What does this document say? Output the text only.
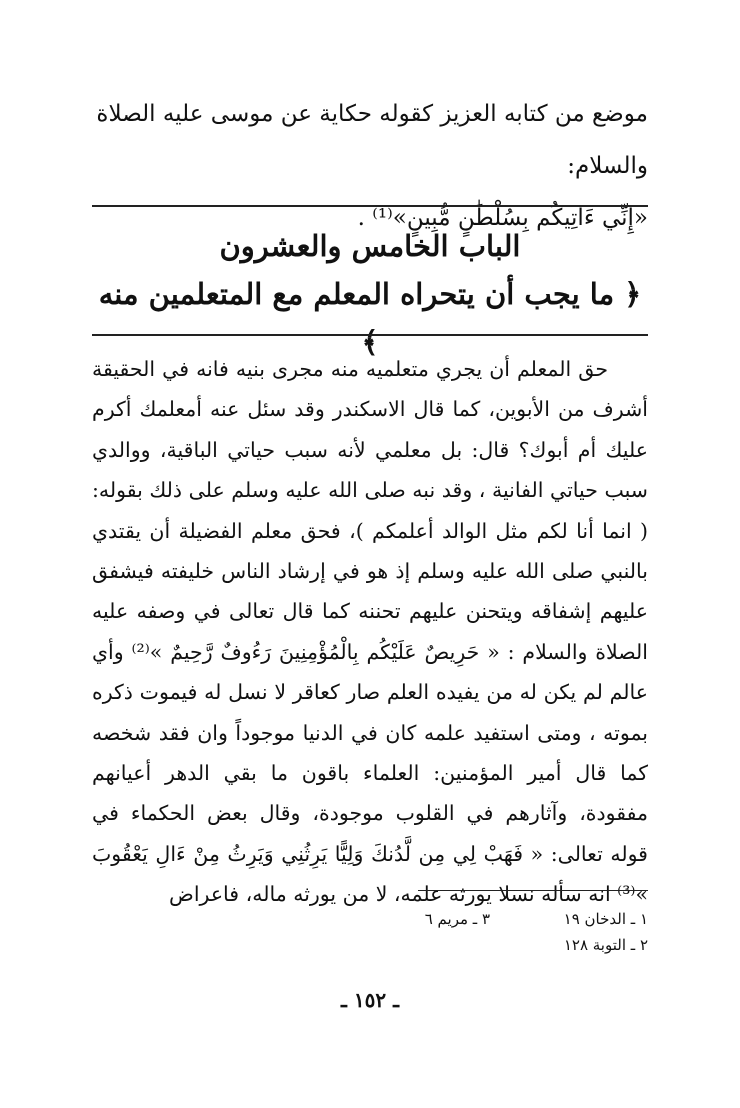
موضع من كتابه العزيز كقوله حكاية عن موسى عليه الصلاة والسلام:

«إِنِّي ءَاتِيكُم بِسُلْطَٰنٍ مُّبِينٍ»⁽¹⁾ .

الباب الخامس والعشرون
﴿ ما يجب أن يتحراه المعلم مع المتعلمين منه ﴾

حق المعلم أن يجري متعلميه منه مجرى بنيه فانه في الحقيقة أشرف من الأبوين، كما قال الاسكندر وقد سئل عنه أمعلمك أكرم عليك أم أبوك؟ قال: بل معلمي لأنه سبب حياتي الباقية، ووالدي سبب حياتي الفانية ، وقد نبه صلى الله عليه وسلم على ذلك بقوله: ( انما أنا لكم مثل الوالد أعلمكم )، فحق معلم الفضيلة أن يقتدي بالنبي صلى الله عليه وسلم إذ هو في إرشاد الناس خليفته فيشفق عليهم إشفاقه ويتحنن عليهم تحننه كما قال تعالى في وصفه عليه الصلاة والسلام : « حَرِيصٌ عَلَيْكُم بِالْمُؤْمِنِينَ رَءُوفٌ رَّحِيمٌ »⁽²⁾ وأي عالم لم يكن له من يفيده العلم صار كعاقر لا نسل له فيموت ذكره بموته ، ومتى استفيد علمه كان في الدنيا موجوداً وان فقد شخصه كما قال أمير المؤمنين: العلماء باقون ما بقي الدهر أعيانهم مفقودة، وآثارهم في القلوب موجودة، وقال بعض الحكماء في قوله تعالى: « فَهَبْ لِي مِن لَّدُنكَ وَلِيًّا يَرِثُنِي وَيَرِثُ مِنْ ءَالِ يَعْقُوبَ »⁽³⁾ انه سأله نسلا يورثه علمه، لا من يورثه ماله، فاعراض

١ ـ الدخان ١٩
٢ ـ التوبة ١٢٨
٣ ـ مريم ٦
ـ ١٥٢ ـ
